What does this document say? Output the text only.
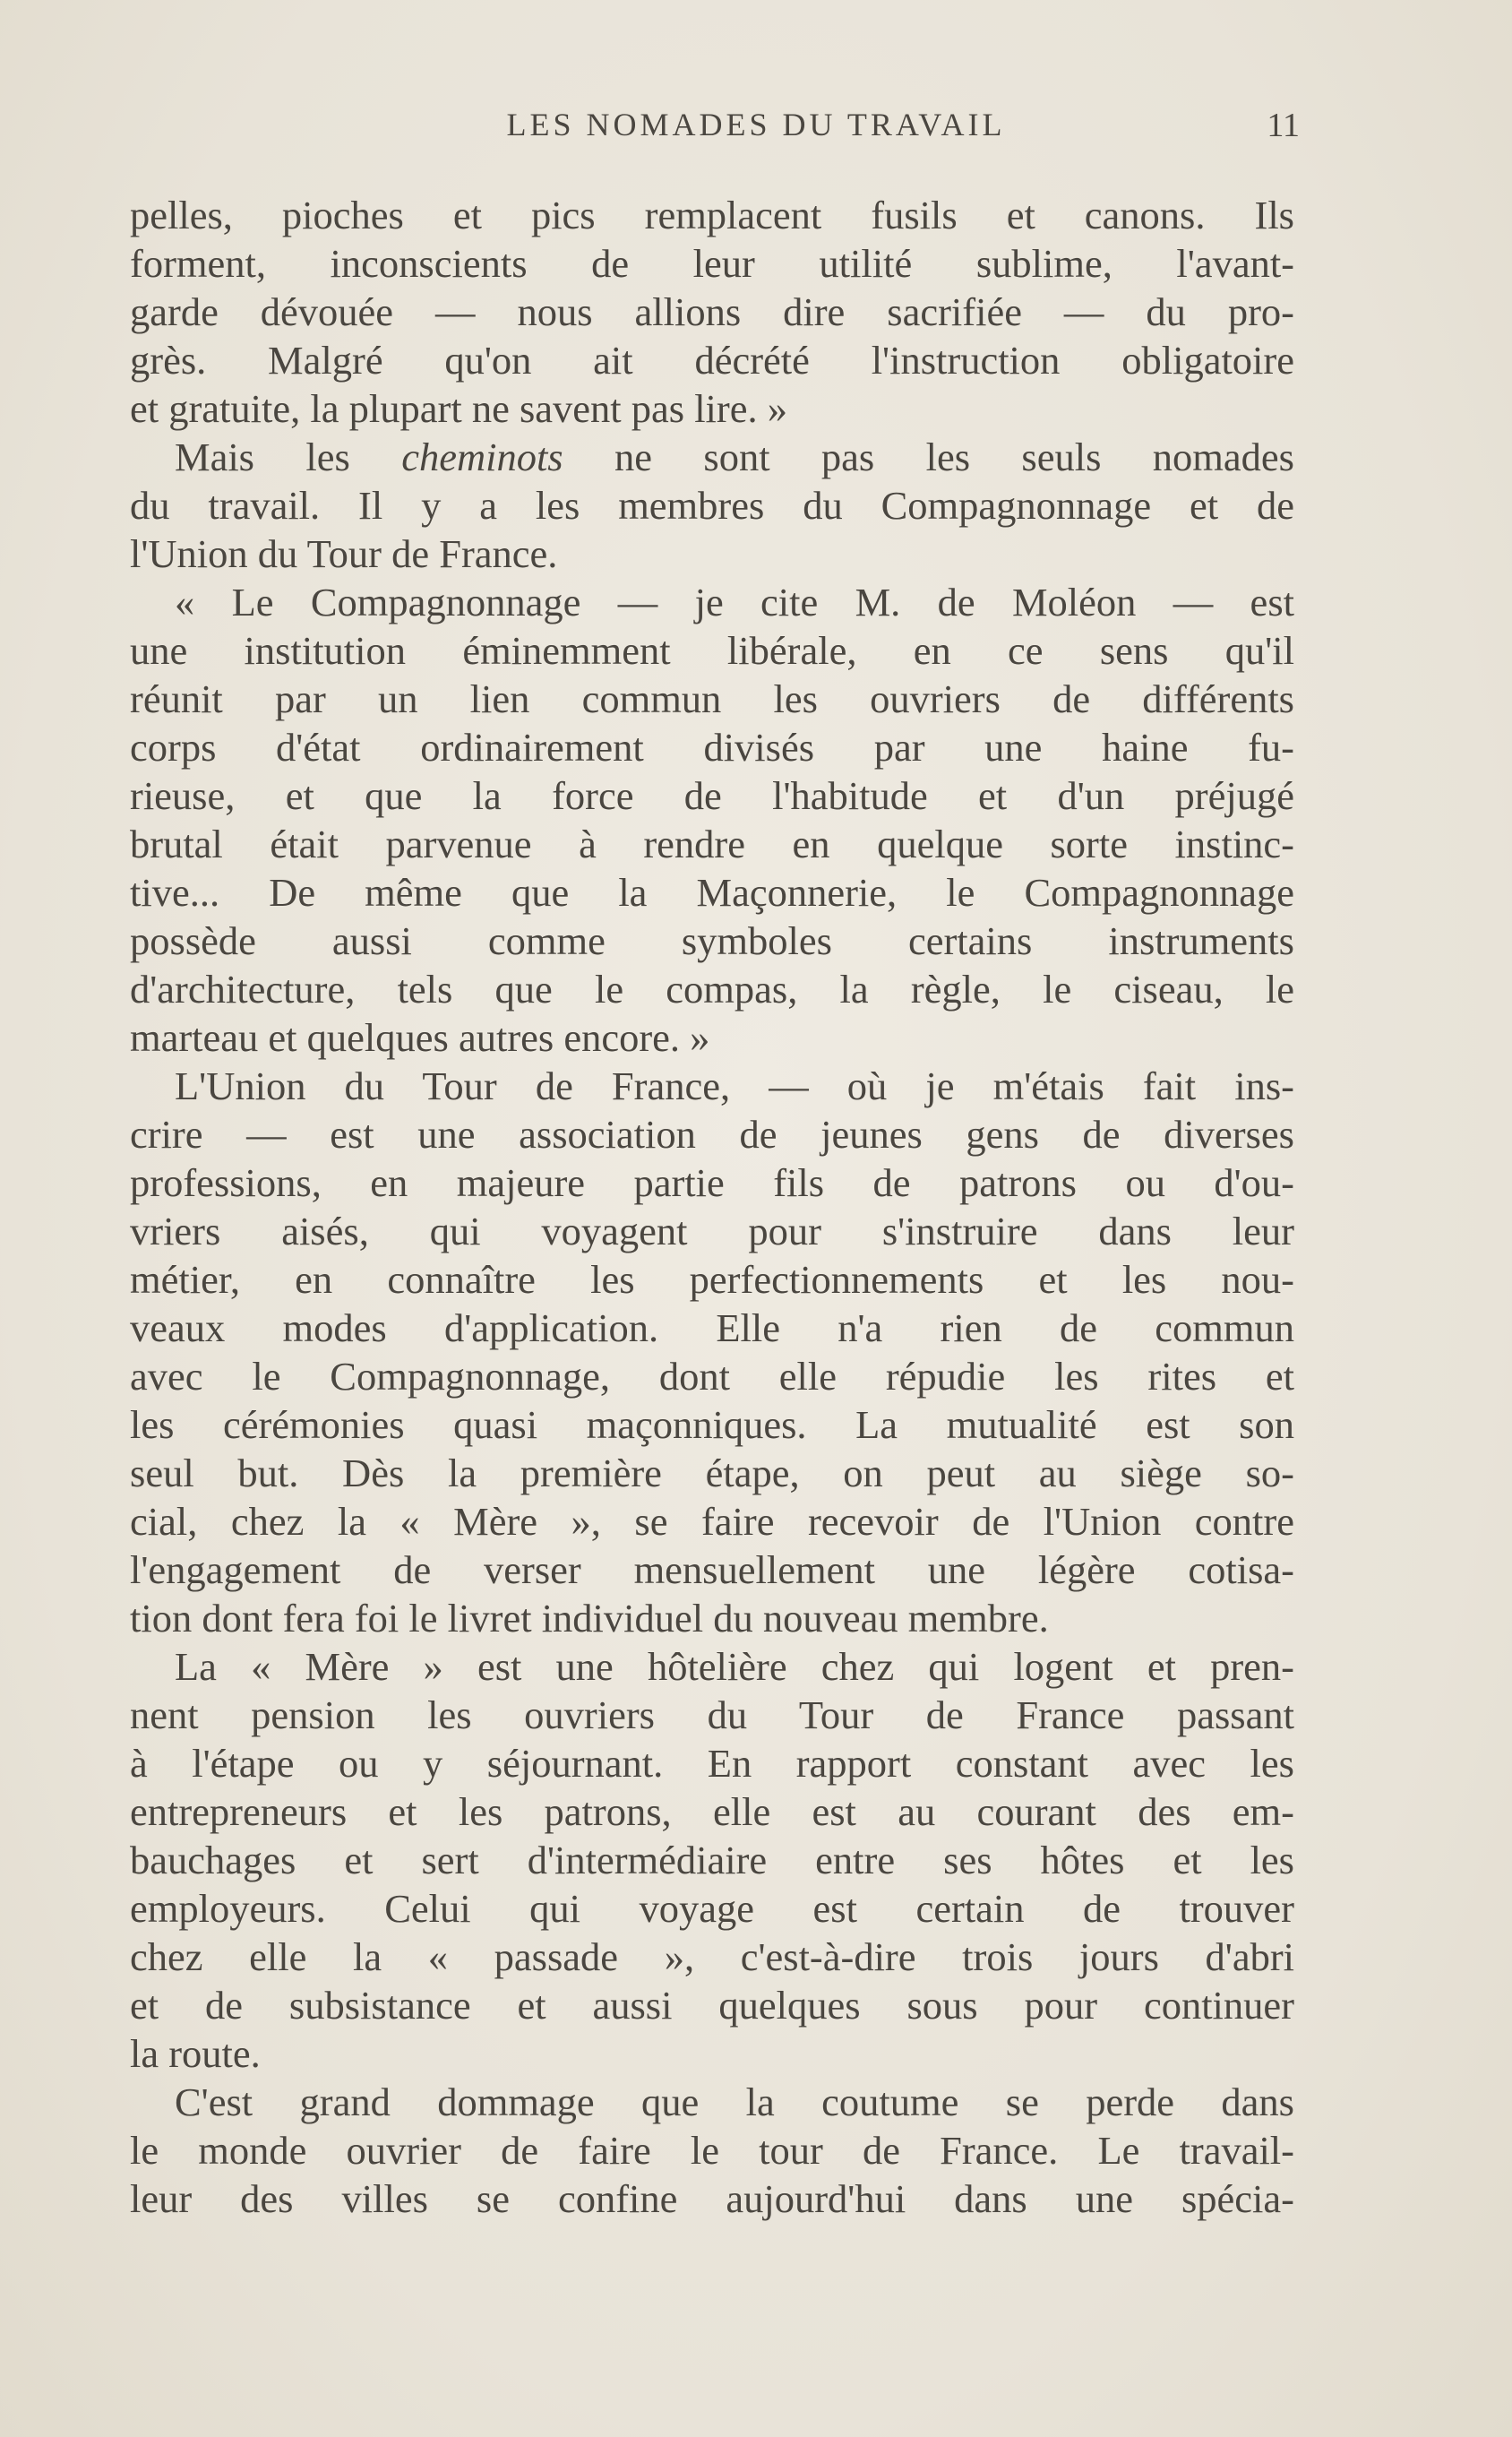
LES NOMADES DU TRAVAIL	11
pelles, pioches et pics remplacent fusils et canons. Ils
forment, inconscients de leur utilité sublime, l'avant-
garde dévouée — nous allions dire sacrifiée — du pro-
grès. Malgré qu'on ait décrété l'instruction obligatoire
et gratuite, la plupart ne savent pas lire. »
Mais les cheminots ne sont pas les seuls nomades
du travail. Il y a les membres du Compagnonnage et de
l'Union du Tour de France.
« Le Compagnonnage — je cite M. de Moléon — est
une institution éminemment libérale, en ce sens qu'il
réunit par un lien commun les ouvriers de différents
corps d'état ordinairement divisés par une haine fu-
rieuse, et que la force de l'habitude et d'un préjugé
brutal était parvenue à rendre en quelque sorte instinc-
tive... De même que la Maçonnerie, le Compagnonnage
possède aussi comme symboles certains instruments
d'architecture, tels que le compas, la règle, le ciseau, le
marteau et quelques autres encore. »
L'Union du Tour de France, — où je m'étais fait ins-
crire — est une association de jeunes gens de diverses
professions, en majeure partie fils de patrons ou d'ou-
vriers aisés, qui voyagent pour s'instruire dans leur
métier, en connaître les perfectionnements et les nou-
veaux modes d'application. Elle n'a rien de commun
avec le Compagnonnage, dont elle répudie les rites et
les cérémonies quasi maçonniques. La mutualité est son
seul but. Dès la première étape, on peut au siège so-
cial, chez la « Mère », se faire recevoir de l'Union contre
l'engagement de verser mensuellement une légère cotisa-
tion dont fera foi le livret individuel du nouveau membre.
La « Mère » est une hôtelière chez qui logent et pren-
nent pension les ouvriers du Tour de France passant
à l'étape ou y séjournant. En rapport constant avec les
entrepreneurs et les patrons, elle est au courant des em-
bauchages et sert d'intermédiaire entre ses hôtes et les
employeurs. Celui qui voyage est certain de trouver
chez elle la « passade », c'est-à-dire trois jours d'abri
et de subsistance et aussi quelques sous pour continuer
la route.
C'est grand dommage que la coutume se perde dans
le monde ouvrier de faire le tour de France. Le travail-
leur des villes se confine aujourd'hui dans une spécia-
